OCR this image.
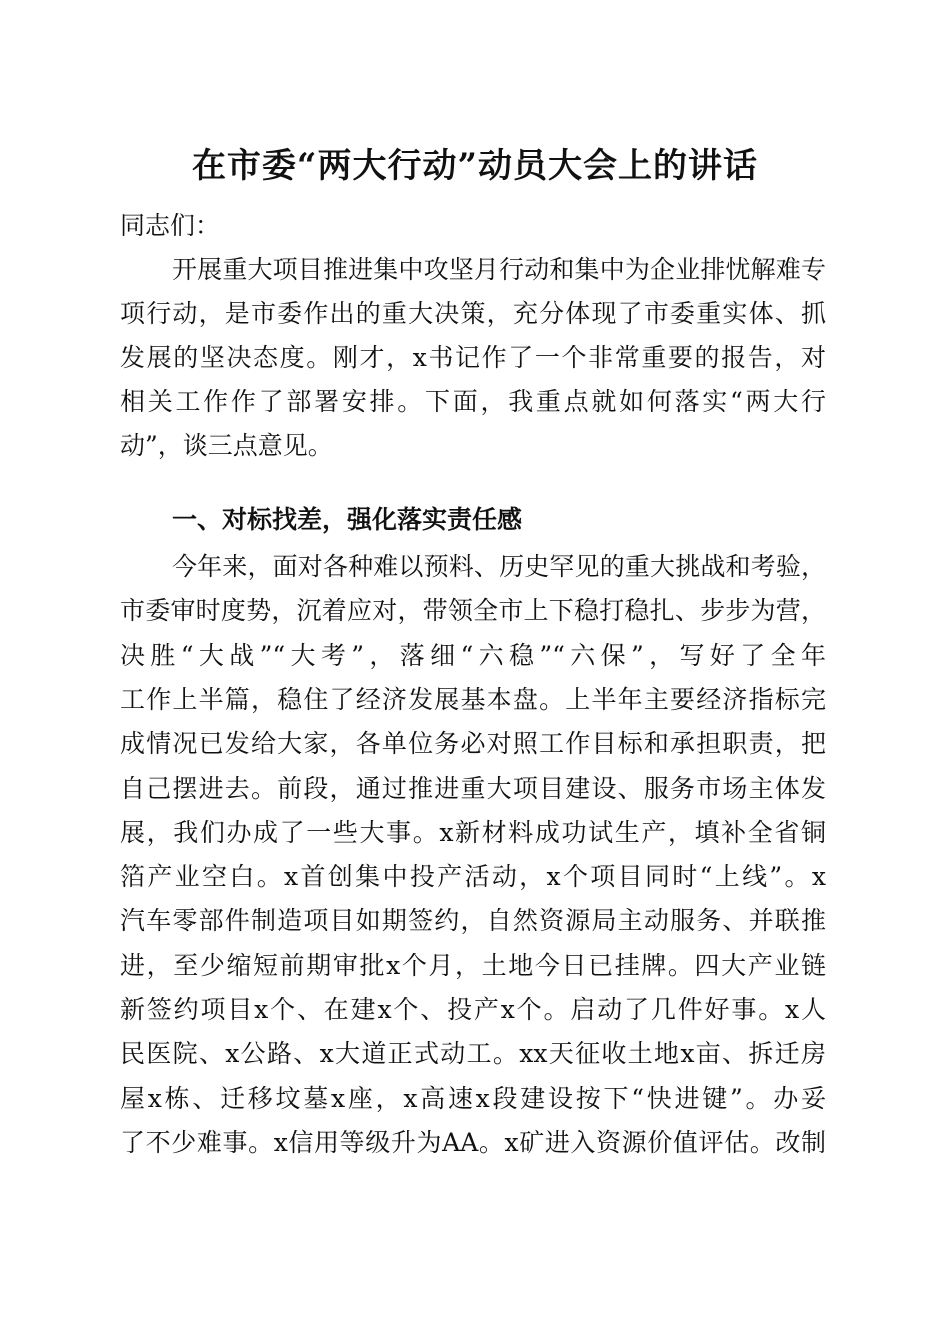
在市委“两大行动”动员大会上的讲话
同志们：
开展重大项目推进集中攻坚月行动和集中为企业排忧解难专
项行动，是市委作出的重大决策，充分体现了市委重实体、抓
发展的坚决态度。刚才，x书记作了一个非常重要的报告，对
相关工作作了部署安排。下面，我重点就如何落实“两大行
动”，谈三点意见。
一、对标找差，强化落实责任感
今年来，面对各种难以预料、历史罕见的重大挑战和考验，
市委审时度势，沉着应对，带领全市上下稳打稳扎、步步为营，
决胜“大战”“大考”，落细“六稳”“六保”，写好了全年
工作上半篇，稳住了经济发展基本盘。上半年主要经济指标完
成情况已发给大家，各单位务必对照工作目标和承担职责，把
自己摆进去。前段，通过推进重大项目建设、服务市场主体发
展，我们办成了一些大事。x新材料成功试生产，填补全省铜
箔产业空白。x首创集中投产活动，x个项目同时“上线”。x
汽车零部件制造项目如期签约，自然资源局主动服务、并联推
进，至少缩短前期审批x个月，土地今日已挂牌。四大产业链
新签约项目x个、在建x个、投产x个。启动了几件好事。x人
民医院、x公路、x大道正式动工。xx天征收土地x亩、拆迁房
屋x栋、迁移坟墓x座，x高速x段建设按下“快进键”。办妥
了不少难事。x信用等级升为AA。x矿进入资源价值评估。改制
